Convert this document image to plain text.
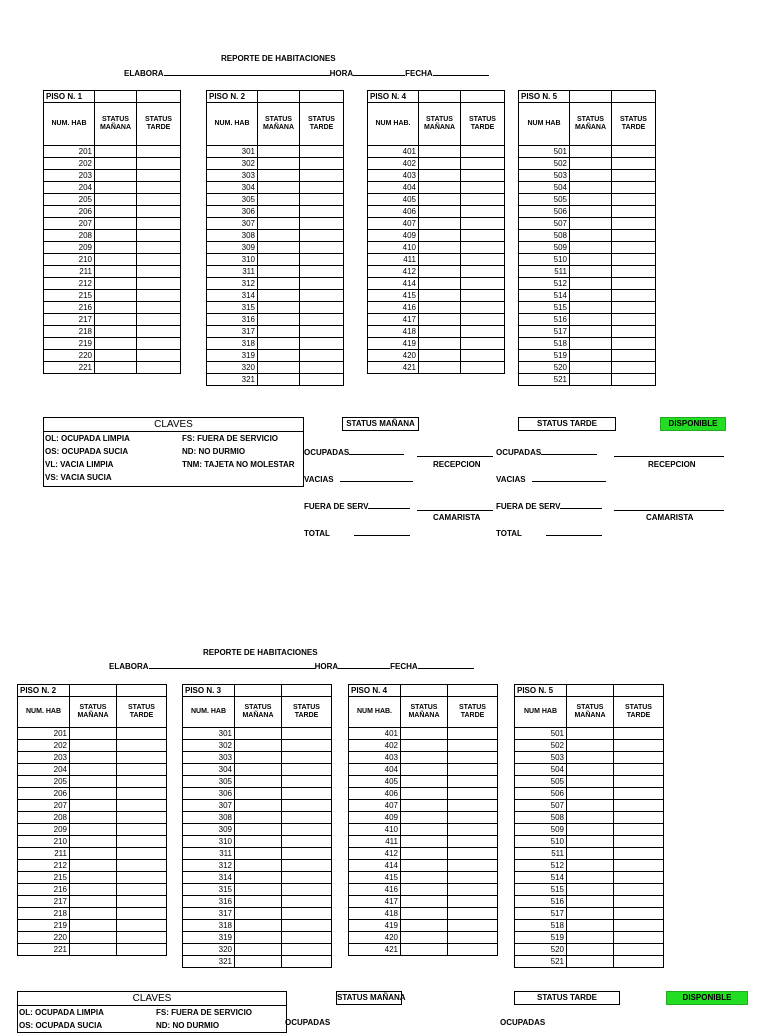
REPORTE DE HABITACIONES
ELABORA	HORA	FECHA
PISO N. 1		
NUM. HAB	STATUS MAÑANA	STATUS TARDE
201		
202		
203		
204		
205		
206		
207		
208		
209		
210		
211		
212		
215		
216		
217		
218		
219		
220		
221		
PISO N. 2		
NUM. HAB	STATUS MAÑANA	STATUS TARDE
301		
302		
303		
304		
305		
306		
307		
308		
309		
310		
311		
312		
314		
315		
316		
317		
318		
319		
320		
321		
PISO N. 4		
NUM HAB.	STATUS MAÑANA	STATUS TARDE
401		
402		
403		
404		
405		
406		
407		
409		
410		
411		
412		
414		
415		
416		
417		
418		
419		
420		
421		
PISO N. 5		
NUM HAB	STATUS MAÑANA	STATUS TARDE
501		
502		
503		
504		
505		
506		
507		
508		
509		
510		
511		
512		
514		
515		
516		
517		
518		
519		
520		
521		
CLAVES
OL: OCUPADA LIMPIA	FS: FUERA DE SERVICIO
OS: OCUPADA SUCIA	ND: NO DURMIO
VL: VACIA LIMPIA	TNM: TAJETA NO MOLESTAR
VS: VACIA SUCIA
STATUS MAÑANA	STATUS TARDE	DISPONIBLE
OCUPADAS
RECEPCION
VACIAS
FUERA DE SERV
CAMARISTA
TOTAL
OCUPADAS
RECEPCION
VACIAS
FUERA DE SERV
CAMARISTA
TOTAL
REPORTE DE HABITACIONES
ELABORA	HORA	FECHA
PISO N. 2		
NUM. HAB	STATUS MAÑANA	STATUS TARDE
201		
202		
203		
204		
205		
206		
207		
208		
209		
210		
211		
212		
215		
216		
217		
218		
219		
220		
221		
PISO N. 3		
NUM. HAB	STATUS MAÑANA	STATUS TARDE
301		
302		
303		
304		
305		
306		
307		
308		
309		
310		
311		
312		
314		
315		
316		
317		
318		
319		
320		
321		
PISO N. 4		
NUM HAB.	STATUS MAÑANA	STATUS TARDE
401		
402		
403		
404		
405		
406		
407		
409		
410		
411		
412		
414		
415		
416		
417		
418		
419		
420		
421		
PISO N. 5		
NUM HAB	STATUS MAÑANA	STATUS TARDE
501		
502		
503		
504		
505		
506		
507		
508		
509		
510		
511		
512		
514		
515		
516		
517		
518		
519		
520		
521		
CLAVES
OL: OCUPADA LIMPIA	FS: FUERA DE SERVICIO
OS: OCUPADA SUCIA	ND: NO DURMIO
STATUS MAÑANA	STATUS TARDE	DISPONIBLE
OCUPADAS	OCUPADAS
